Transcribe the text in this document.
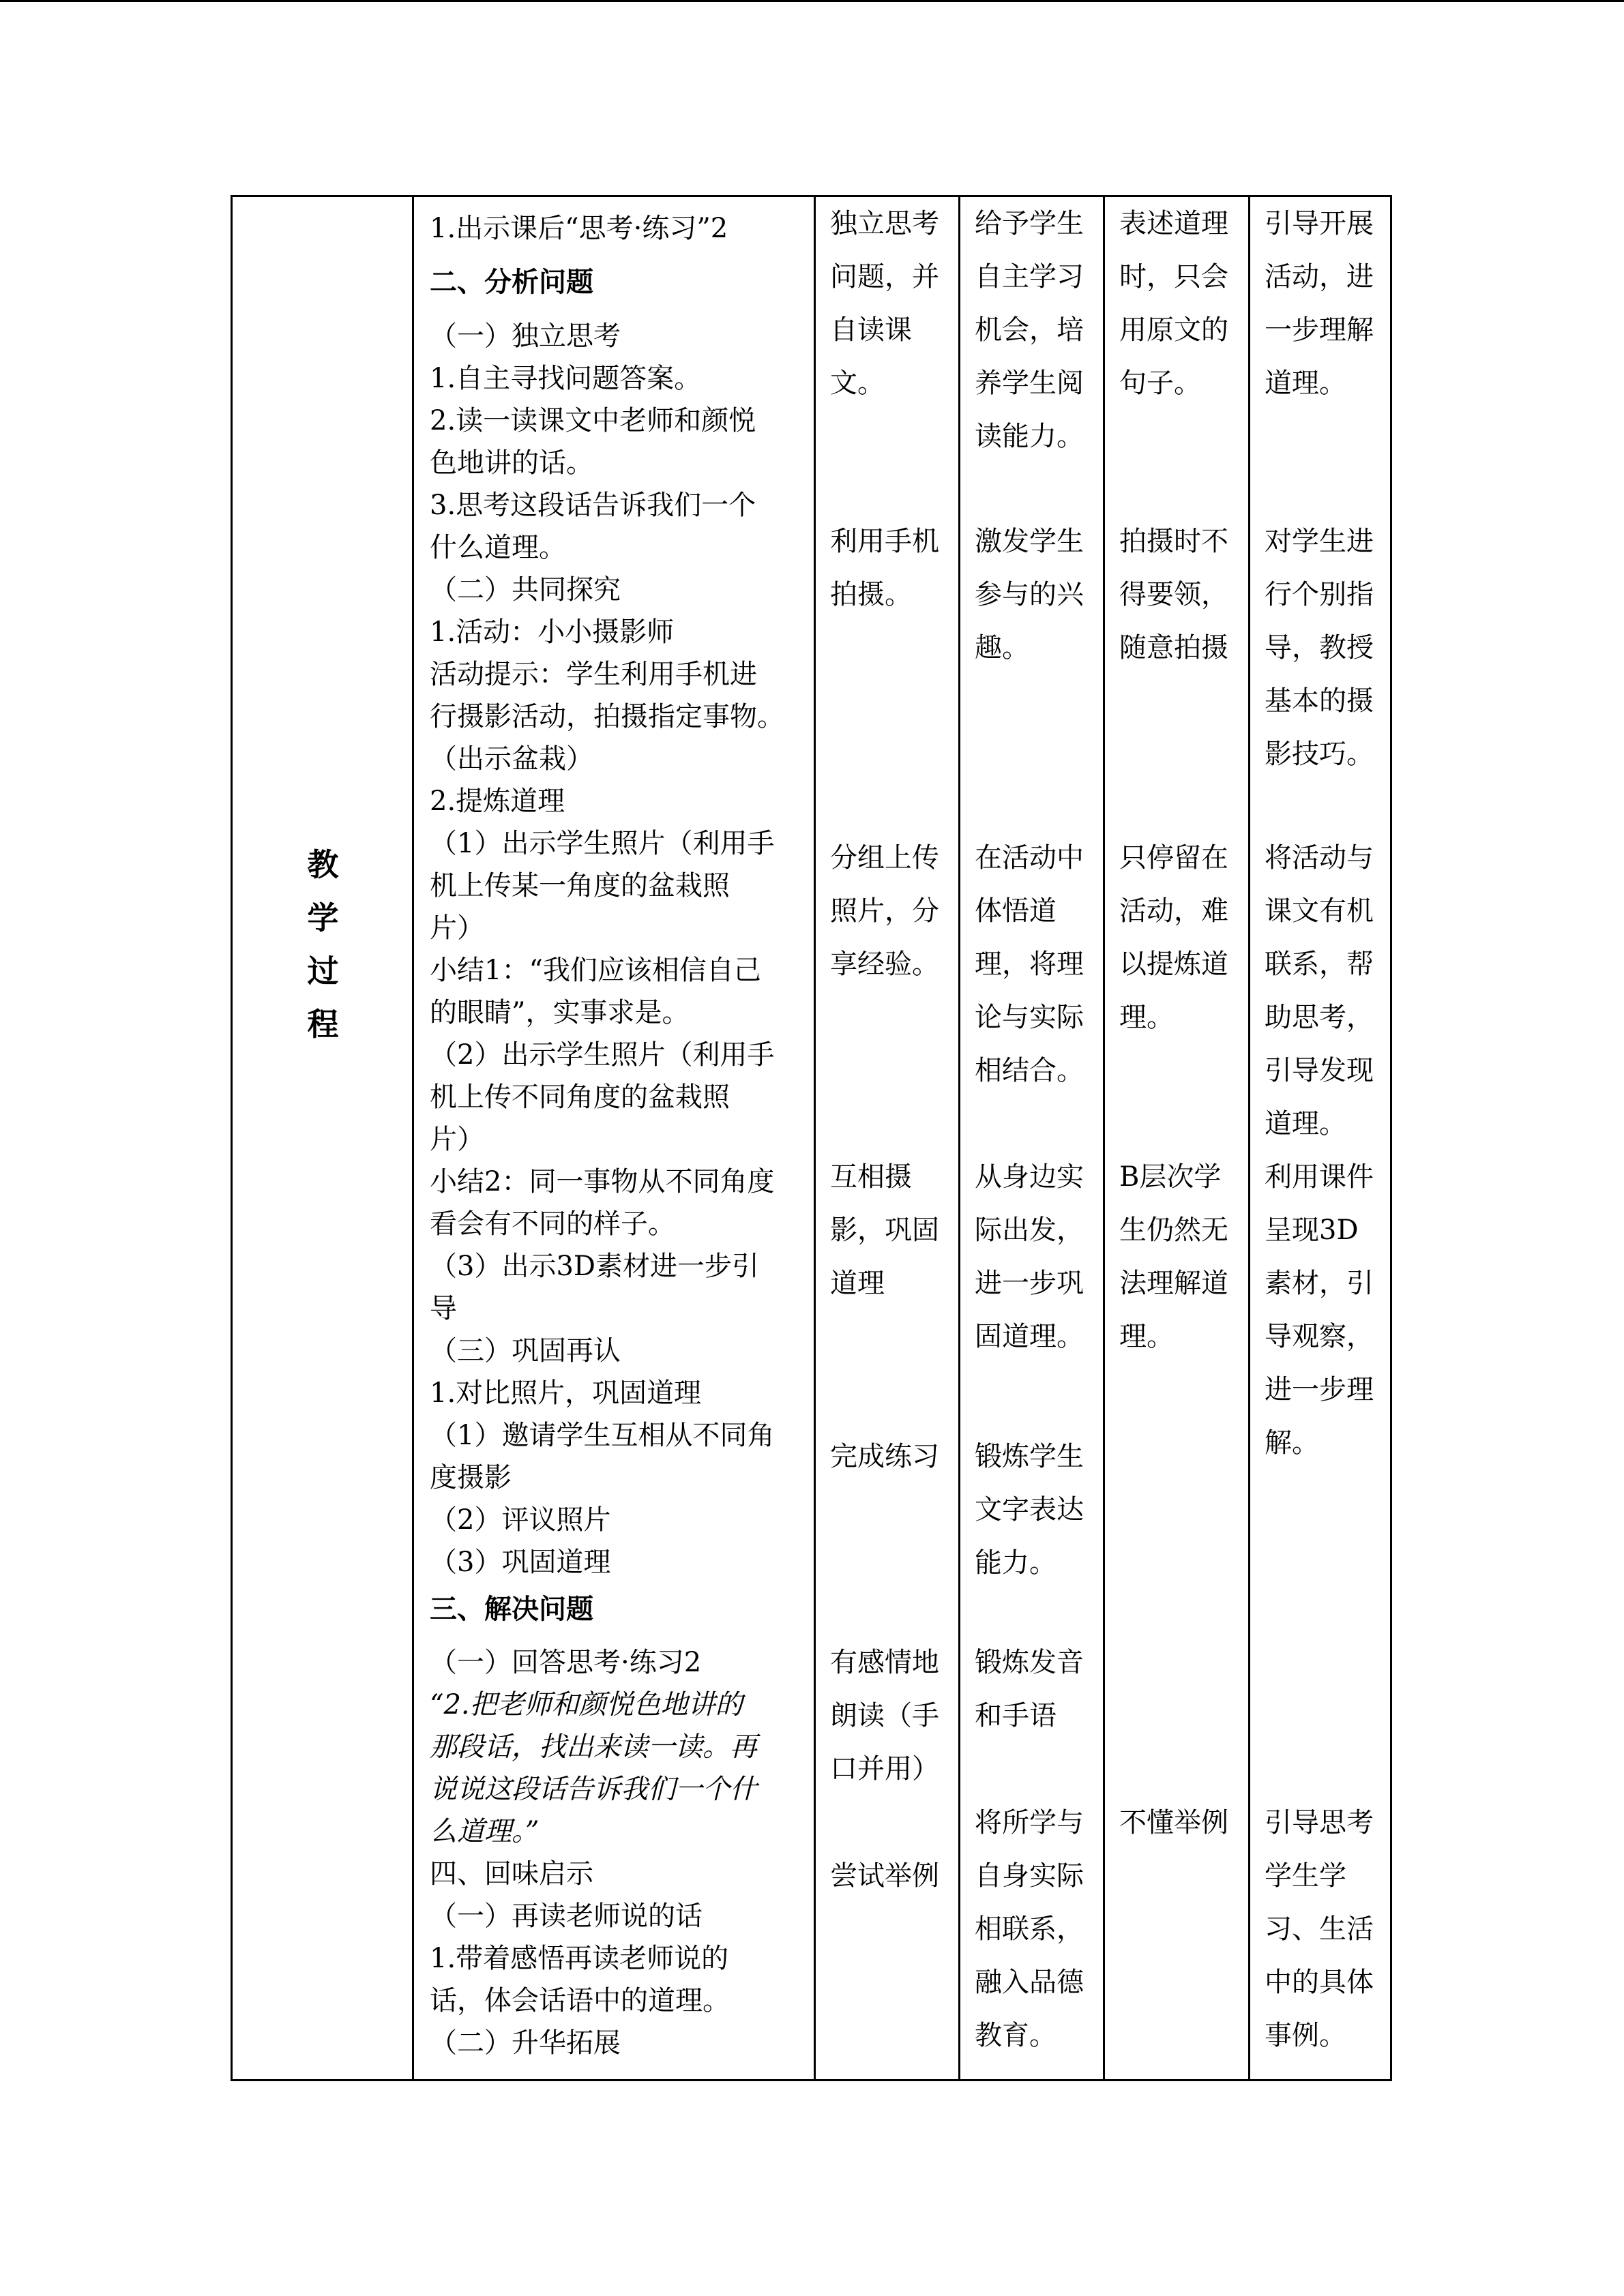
教
学
过
程
1.出示课后“思考·练习”2
二、分析问题
（一）独立思考
1.自主寻找问题答案。
2.读一读课文中老师和颜悦
色地讲的话。
3.思考这段话告诉我们一个
什么道理。
（二）共同探究
1.活动：小小摄影师
活动提示：学生利用手机进
行摄影活动，拍摄指定事物。
（出示盆栽）
2.提炼道理
（1）出示学生照片（利用手
机上传某一角度的盆栽照
片）
小结1：“我们应该相信自己
的眼睛”，实事求是。
（2）出示学生照片（利用手
机上传不同角度的盆栽照
片）
小结2：同一事物从不同角度
看会有不同的样子。
（3）出示3D素材进一步引
导
（三）巩固再认
1.对比照片，巩固道理
（1）邀请学生互相从不同角
度摄影
（2）评议照片
（3）巩固道理
三、解决问题
（一）回答思考·练习2
“2.把老师和颜悦色地讲的
那段话，找出来读一读。再
说说这段话告诉我们一个什
么道理。”
四、回味启示
（一）再读老师说的话
1.带着感悟再读老师说的
话，体会话语中的道理。
（二）升华拓展
独立思考
问题，并
自读课
文。
利用手机
拍摄。
分组上传
照片，分
享经验。
互相摄
影，巩固
道理
完成练习
有感情地
朗读（手
口并用）
尝试举例
给予学生
自主学习
机会，培
养学生阅
读能力。
激发学生
参与的兴
趣。
在活动中
体悟道
理，将理
论与实际
相结合。
从身边实
际出发，
进一步巩
固道理。
锻炼学生
文字表达
能力。
锻炼发音
和手语
将所学与
自身实际
相联系，
融入品德
教育。
表述道理
时，只会
用原文的
句子。
拍摄时不
得要领，
随意拍摄
只停留在
活动，难
以提炼道
理。
B层次学
生仍然无
法理解道
理。
不懂举例
引导开展
活动，进
一步理解
道理。
对学生进
行个别指
导，教授
基本的摄
影技巧。
将活动与
课文有机
联系，帮
助思考，
引导发现
道理。
利用课件
呈现3D
素材，引
导观察，
进一步理
解。
引导思考
学生学
习、生活
中的具体
事例。
